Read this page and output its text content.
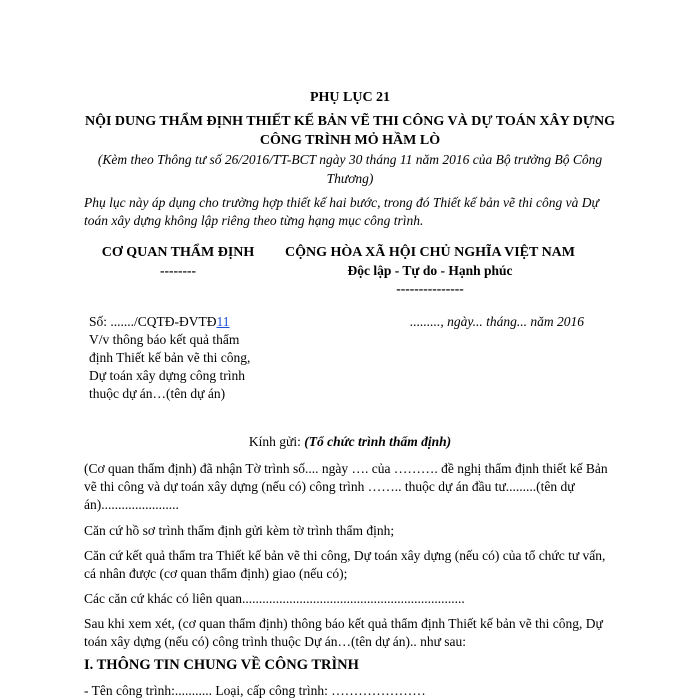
PHỤ LỤC 21
NỘI DUNG THẨM ĐỊNH THIẾT KẾ BẢN VẼ THI CÔNG VÀ DỰ TOÁN XÂY DỰNG
CÔNG TRÌNH MỎ HẦM LÒ
(Kèm theo Thông tư số 26/2016/TT-BCT ngày 30 tháng 11 năm 2016 của Bộ trưởng Bộ Công
Thương)
Phụ lục này áp dụng cho trường hợp thiết kế hai bước, trong đó Thiết kế bản vẽ thi công và Dự
toán xây dựng không lập riêng theo từng hạng mục công trình.
CƠ QUAN THẨM ĐỊNH
--------
CỘNG HÒA XÃ HỘI CHỦ NGHĨA VIỆT NAM
Độc lập - Tự do - Hạnh phúc
---------------
Số: ......./CQTĐ-ĐVTĐ11
V/v thông báo kết quả thẩm
định Thiết kế bản vẽ thi công,
Dự toán xây dựng công trình
thuộc dự án…(tên dự án)
........., ngày... tháng... năm 2016
Kính gửi: (Tổ chức trình thẩm định)
(Cơ quan thẩm định) đã nhận Tờ trình số.... ngày …. của ………. đề nghị thẩm định thiết kế Bản
vẽ thi công và dự toán xây dựng (nếu có) công trình …….. thuộc dự án đầu tư.........(tên dự
án).......................
Căn cứ hồ sơ trình thẩm định gửi kèm tờ trình thẩm định;
Căn cứ kết quả thẩm tra Thiết kế bản vẽ thi công, Dự toán xây dựng (nếu có) của tổ chức tư vấn,
cá nhân được (cơ quan thẩm định) giao (nếu có);
Các căn cứ khác có liên quan..................................................................
Sau khi xem xét, (cơ quan thẩm định) thông báo kết quả thẩm định Thiết kế bản vẽ thi công, Dự
toán xây dựng (nếu có) công trình thuộc Dự án…(tên dự án).. như sau:
I. THÔNG TIN CHUNG VỀ CÔNG TRÌNH
- Tên công trình:........... Loại, cấp công trình: …………………
